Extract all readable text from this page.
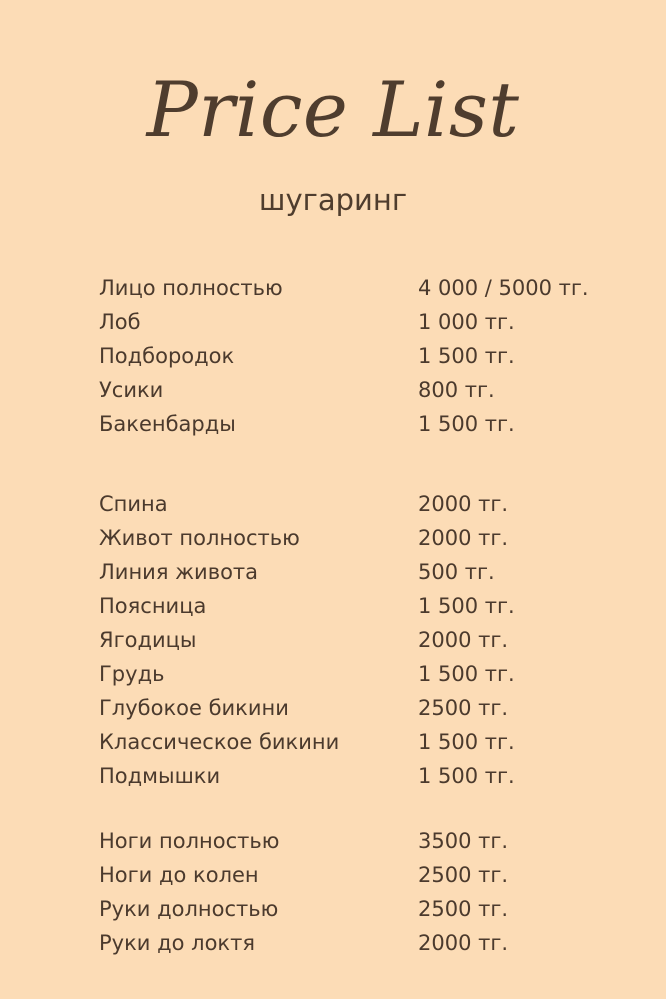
Price List
шугаринг
Лицо полностью	4 000 / 5000 тг.
Лоб	1 000 тг.
Подбородок	1 500 тг.
Усики	800 тг.
Бакенбарды	1 500 тг.
Спина	2000 тг.
Живот полностью	2000 тг.
Линия живота	500 тг.
Поясница	1 500 тг.
Ягодицы	2000 тг.
Грудь	1 500 тг.
Глубокое бикини	2500 тг.
Классическое бикини	1 500 тг.
Подмышки	1 500 тг.
Ноги полностью	3500 тг.
Ноги до колен	2500 тг.
Руки долностью	2500 тг.
Руки до локтя	2000 тг.
